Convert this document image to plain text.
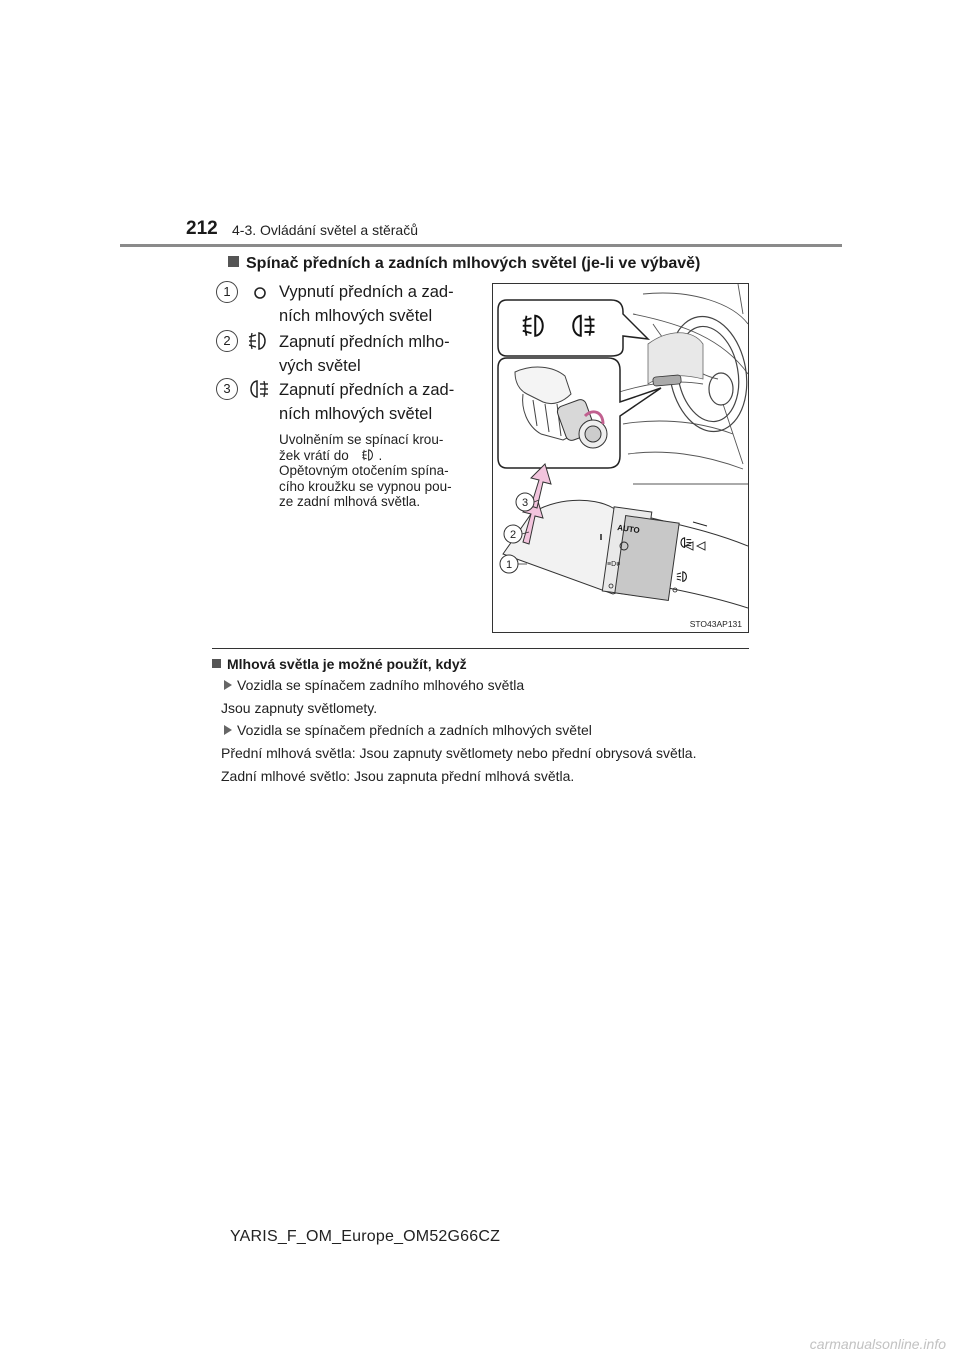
212 4-3. Ovládání světel a stěračů
Spínač předních a zadních mlhových světel (je-li ve výbavě)
1	Vypnutí předních a zad-
ních mlhových světel
2	Zapnutí předních mlho-
vých světel
3	Zapnutí předních a zad-
ních mlhových světel
Uvolněním se spínací krou-
žek vrátí do .
Opětovným otočením spína-
cího kroužku se vypnou pou-
ze zadní mlhová světla.
AUTO
≡D≢
1
2
3
STO43AP131
Mlhová světla je možné použít, když
Vozidla se spínačem zadního mlhového světla
Jsou zapnuty světlomety.
Vozidla se spínačem předních a zadních mlhových světel
Přední mlhová světla: Jsou zapnuty světlomety nebo přední obrysová světla.
Zadní mlhové světlo: Jsou zapnuta přední mlhová světla.
YARIS_F_OM_Europe_OM52G66CZ
carmanualsonline.info
